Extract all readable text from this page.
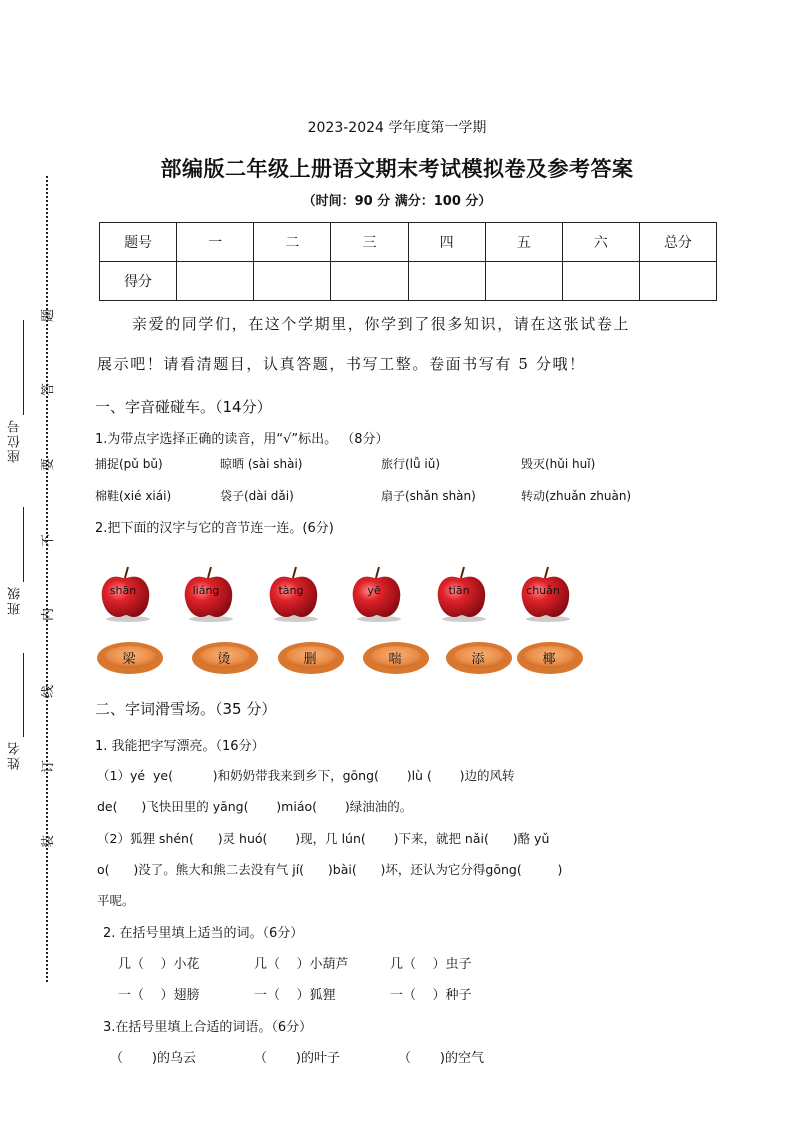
座位号
班级
姓名
题
答
要
不
内
线
订
装
2023-2024 学年度第一学期
部编版二年级上册语文期末考试模拟卷及参考答案
（时间：90 分 满分：100 分）
题号	一	二	三	四	五	六	总分
得分							
亲爱的同学们，在这个学期里，你学到了很多知识，请在这张试卷上
展示吧！请看清题目，认真答题，书写工整。卷面书写有 5 分哦！
一、字音碰碰车。（14分）
1.为带点字选择正确的读音，用“√”标出。 （8分）
捕捉(pǔ bǔ)	晾晒 (sài shài)	旅行(lǚ iǔ)	毁灭(hǔi huǐ)
棉鞋(xié xiái)	袋子(dài dǎi)	扇子(shǎn shàn)	转动(zhuǎn zhuàn)
2.把下面的汉字与它的音节连一连。(6分)
shān	liáng	tàng	yē	tiān	chuǎn
梁	烫	删	喘	添	椰
二、字词滑雪场。（35 分）
1. 我能把字写漂亮。（16分）
（1）yé  ye(          )和奶奶带我来到乡下，gōng(       )lù (       )边的风转
de(      )飞快田里的 yāng(       )miáo(       )绿油油的。
（2）狐狸 shén(      )灵 huó(       )现，几 lún(       )下来，就把 nǎi(      )酪 yǔ
o(      )没了。熊大和熊二去没有气 jí(      )bài(      )坏，还认为它分得gōng(         )
平呢。
2. 在括号里填上适当的词。（6分）
几（    ）小花	几（    ）小葫芦	几（    ）虫子
一（    ）翅膀	一（    ）狐狸	一（    ）种子
3.在括号里填上合适的词语。（6分）
（       )的乌云	（       )的叶子	（       )的空气
